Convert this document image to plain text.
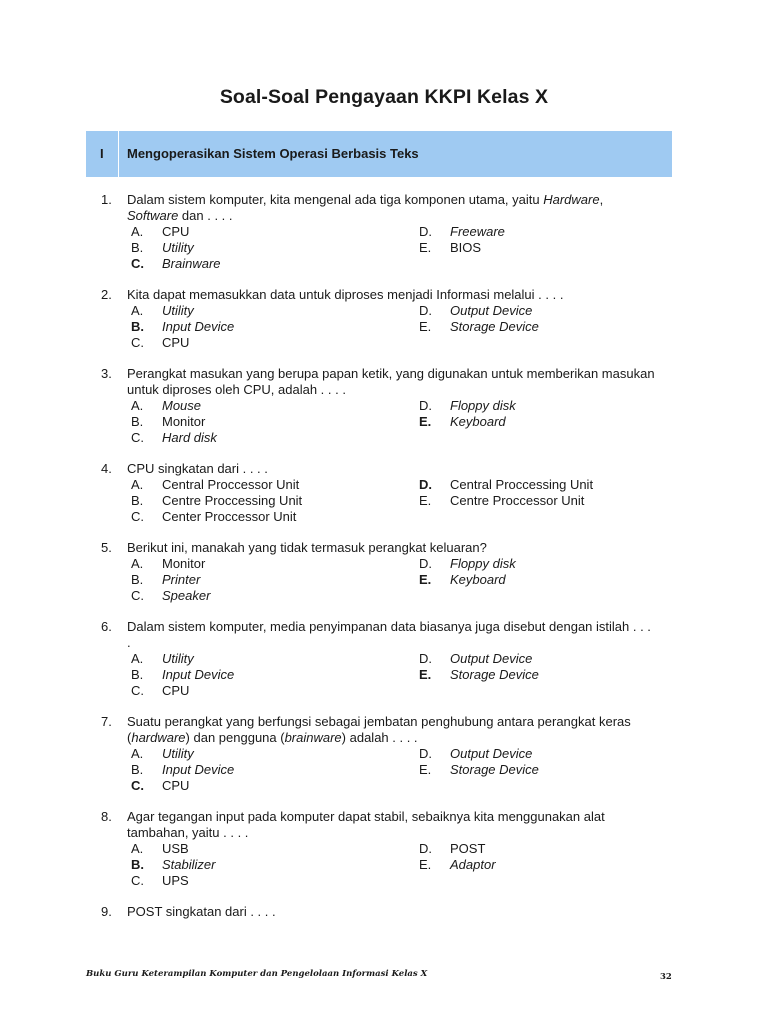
Soal-Soal Pengayaan KKPI Kelas X
I Mengoperasikan Sistem Operasi Berbasis Teks
1. Dalam sistem komputer, kita mengenal ada tiga komponen utama, yaitu Hardware, Software dan . . . .
A. CPU	D. Freeware
B. Utility	E. BIOS
C. Brainware
2. Kita dapat memasukkan data untuk diproses menjadi Informasi melalui . . . .
A. Utility	D. Output Device
B. Input Device	E. Storage Device
C. CPU
3. Perangkat masukan yang berupa papan ketik, yang digunakan untuk memberikan masukan untuk diproses oleh CPU, adalah . . . .
A. Mouse	D. Floppy disk
B. Monitor	E. Keyboard
C. Hard disk
4. CPU singkatan dari . . . .
A. Central Proccessor Unit	D. Central Proccessing Unit
B. Centre Proccessing Unit	E. Centre Proccessor Unit
C. Center Proccessor Unit
5. Berikut ini, manakah yang tidak termasuk perangkat keluaran?
A. Monitor	D. Floppy disk
B. Printer	E. Keyboard
C. Speaker
6. Dalam sistem komputer, media penyimpanan data biasanya juga disebut dengan istilah . . . .
A. Utility	D. Output Device
B. Input Device	E. Storage Device
C. CPU
7. Suatu perangkat yang berfungsi sebagai jembatan penghubung antara perangkat keras (hardware) dan pengguna (brainware) adalah . . . .
A. Utility	D. Output Device
B. Input Device	E. Storage Device
C. CPU
8. Agar tegangan input pada komputer dapat stabil, sebaiknya kita menggunakan alat tambahan, yaitu . . . .
A. USB	D. POST
B. Stabilizer	E. Adaptor
C. UPS
9. POST singkatan dari . . . .
Buku Guru Keterampilan Komputer dan Pengelolaan Informasi Kelas X	32
